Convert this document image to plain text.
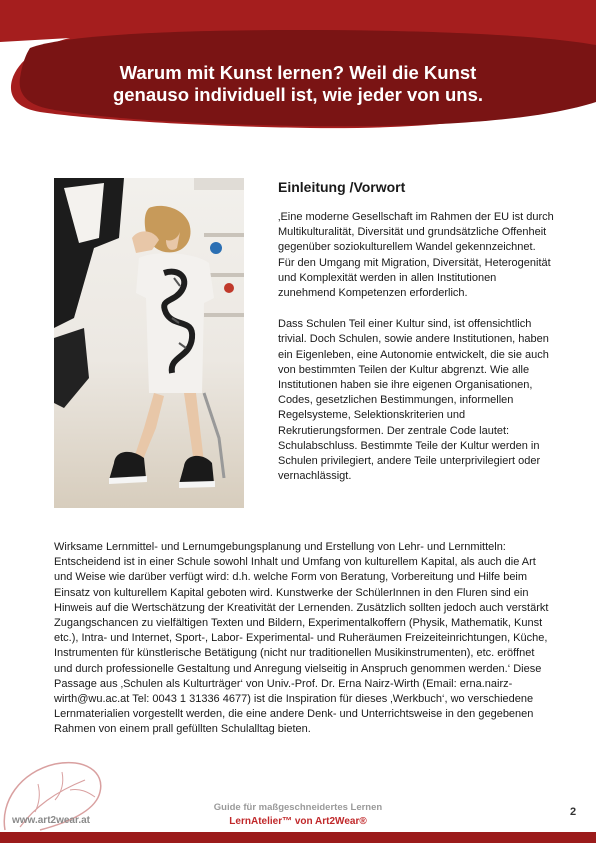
Warum mit Kunst lernen? Weil die Kunst
genauso individuell ist, wie jeder von uns.
Einleitung /Vorwort

‚Eine moderne Gesellschaft im Rahmen der EU ist durch Multikulturalität, Diversität und grundsätzliche Offenheit gegenüber soziokulturellem Wandel gekennzeichnet. Für den Umgang mit Migration, Diversität, Heterogenität und Komplexität werden in allen Institutionen zunehmend Kompetenzen erforderlich.

Dass Schulen Teil einer Kultur sind, ist offensichtlich trivial. Doch Schulen, sowie andere Institutionen, haben ein Eigenleben, eine Autonomie entwickelt, die sie auch von bestimmten Teilen der Kultur abgrenzt. Wie alle Institutionen haben sie ihre eigenen Organisationen, Codes, gesetzlichen Bestimmungen, informellen Regelsysteme, Selektionskriterien und Rekrutierungsformen. Der zentrale Code lautet: Schulabschluss. Bestimmte Teile der Kultur werden in Schulen privilegiert, andere Teile unterprivilegiert oder vernachlässigt.

Wirksame Lernmittel- und Lernumgebungsplanung und Erstellung von Lehr- und Lernmitteln: Entscheidend ist in einer Schule sowohl Inhalt und Umfang von kulturellem Kapital, als auch die Art und Weise wie darüber verfügt wird: d.h. welche Form von Beratung, Vorbereitung und Hilfe beim Einsatz von kulturellem Kapital geboten wird. Kunstwerke der SchülerInnen in den Fluren sind ein Hinweis auf die Wertschätzung der Kreativität der Lernenden. Zusätzlich sollten jedoch auch verstärkt Zugangschancen zu vielfältigen Texten und Bildern, Experimentalkoffern (Physik, Mathematik, Kunst etc.), Intra- und Internet, Sport-, Labor- Experimental- und Ruheräumen Freizeiteinrichtungen, Küche, Instrumenten für künstlerische Betätigung (nicht nur traditionellen Musikinstrumenten), etc. eröffnet und durch professionelle Gestaltung und Anregung vielseitig in Anspruch genommen werden.‘ Diese Passage aus ‚Schulen als Kulturträger‘ von Univ.-Prof. Dr. Erna Nairz-Wirth (Email: erna.nairz-wirth@wu.ac.at Tel: 0043 1 31336 4677) ist die Inspiration für dieses ‚Werkbuch‘, wo verschiedene Lernmaterialien vorgestellt werden, die eine andere Denk- und Unterrichtsweise in den gegebenen Rahmen von einem prall gefüllten Schulalltag bieten.

Guide für maßgeschneidertes Lernen
LernAtelier™ von Art2Wear®
www.art2wear.at
2
